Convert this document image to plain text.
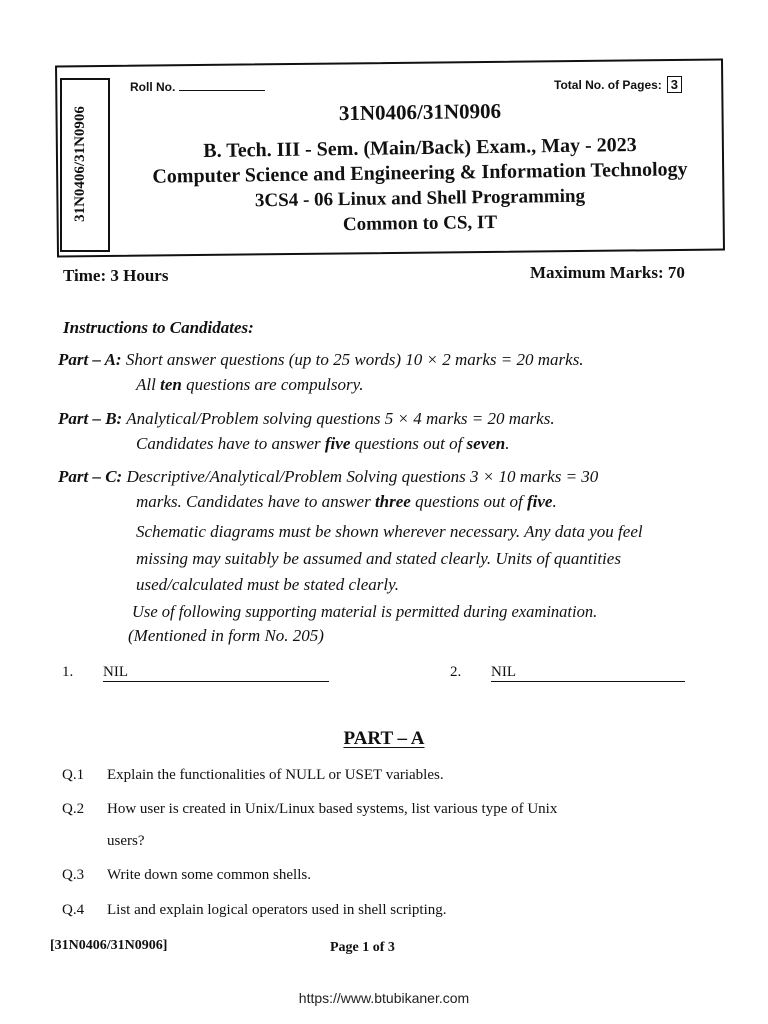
31N0406/31N0906
Roll No.	Total No. of Pages: 3
31N0406/31N0906
B. Tech. III - Sem. (Main/Back) Exam., May - 2023
Computer Science and Engineering & Information Technology
3CS4 - 06 Linux and Shell Programming
Common to CS, IT
Time: 3 Hours	Maximum Marks: 70
Instructions to Candidates:
Part – A: Short answer questions (up to 25 words) 10 × 2 marks = 20 marks.
All ten questions are compulsory.
Part – B: Analytical/Problem solving questions 5 × 4 marks = 20 marks.
Candidates have to answer five questions out of seven.
Part – C: Descriptive/Analytical/Problem Solving questions 3 × 10 marks = 30
marks. Candidates have to answer three questions out of five.
Schematic diagrams must be shown wherever necessary. Any data you feel
missing may suitably be assumed and stated clearly. Units of quantities
used/calculated must be stated clearly.
Use of following supporting material is permitted during examination.
(Mentioned in form No. 205)
1. NIL	2. NIL
PART – A
Q.1 Explain the functionalities of NULL or USET variables.
Q.2 How user is created in Unix/Linux based systems, list various type of Unix
users?
Q.3 Write down some common shells.
Q.4 List and explain logical operators used in shell scripting.
[31N0406/31N0906]	Page 1 of 3
https://www.btubikaner.com
